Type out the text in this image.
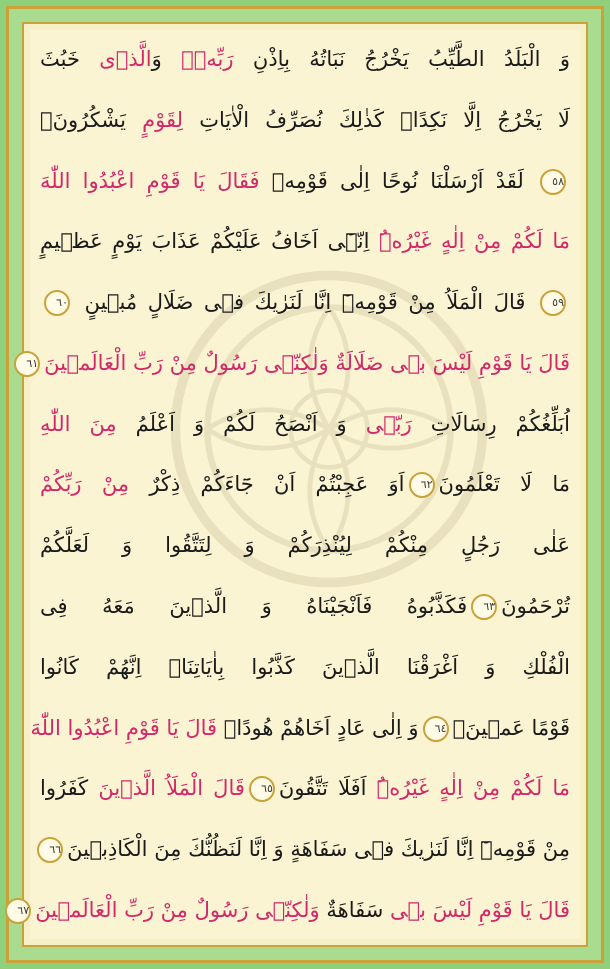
وَ الْبَلَدُ الطَّيِّبُ يَخْرُجُ نَبَاتُهُ بِاِذْنِ رَبِّهٖۚ وَالَّذٖى خَبُثَ
لَا يَخْرُجُ اِلَّا نَكِدًاۜ كَذٰلِكَ نُصَرِّفُ الْاٰيَاتِ لِقَوْمٍ يَشْكُرُونَ۟
٥٨ لَقَدْ اَرْسَلْنَا نُوحًا اِلٰى قَوْمِهٖ فَقَالَ يَا قَوْمِ اعْبُدُوا اللّٰهَ
مَا لَكُمْ مِنْ اِلٰهٍ غَيْرُهُۜ اِنّٖٓى اَخَافُ عَلَيْكُمْ عَذَابَ يَوْمٍ عَظٖيمٍ
٥٩ قَالَ الْمَلَاُ مِنْ قَوْمِهٖٓ اِنَّا لَنَرٰيكَ فٖى ضَلَالٍ مُبٖينٍ ٦٠
قَالَ يَا قَوْمِ لَيْسَ بٖى ضَلَالَةٌ وَلٰكِنّٖى رَسُولٌ مِنْ رَبِّ الْعَالَمٖينَ٦١
اُبَلِّغُكُمْ رِسَالَاتِ رَبّٖى وَ اَنْصَحُ لَكُمْ وَ اَعْلَمُ مِنَ اللّٰهِ
مَا لَا تَعْلَمُونَ٦٢اَوَ عَجِبْتُمْ اَنْ جَٓاءَكُمْ ذِكْرٌ مِنْ رَبِّكُمْ
عَلٰى رَجُلٍ مِنْكُمْ لِيُنْذِرَكُمْ وَ لِتَتَّقُوا وَ لَعَلَّكُمْ
تُرْحَمُونَ٦٣فَكَذَّبُوهُ فَاَنْجَيْنَاهُ وَ الَّذٖينَ مَعَهُ فِى
الْفُلْكِ وَ اَغْرَقْنَا الَّذٖينَ كَذَّبُوا بِاٰيَاتِنَاۜ اِنَّهُمْ كَانُوا
قَوْمًا عَمٖينَ۟٦٤وَ اِلٰى عَادٍ اَخَاهُمْ هُودًاۜ قَالَ يَا قَوْمِ اعْبُدُوا اللّٰهَ
مَا لَكُمْ مِنْ اِلٰهٍ غَيْرُهُۜ اَفَلَا تَتَّقُونَ٦٥قَالَ الْمَلَاُ الَّذٖينَ كَفَرُوا
مِنْ قَوْمِهٖٓ اِنَّا لَنَرٰيكَ فٖى سَفَاهَةٍ وَ اِنَّا لَنَظُنُّكَ مِنَ الْكَاذِبٖينَ٦٦
قَالَ يَا قَوْمِ لَيْسَ بٖى سَفَاهَةٌ وَلٰكِنّٖى رَسُولٌ مِنْ رَبِّ الْعَالَمٖينَ٦٧
